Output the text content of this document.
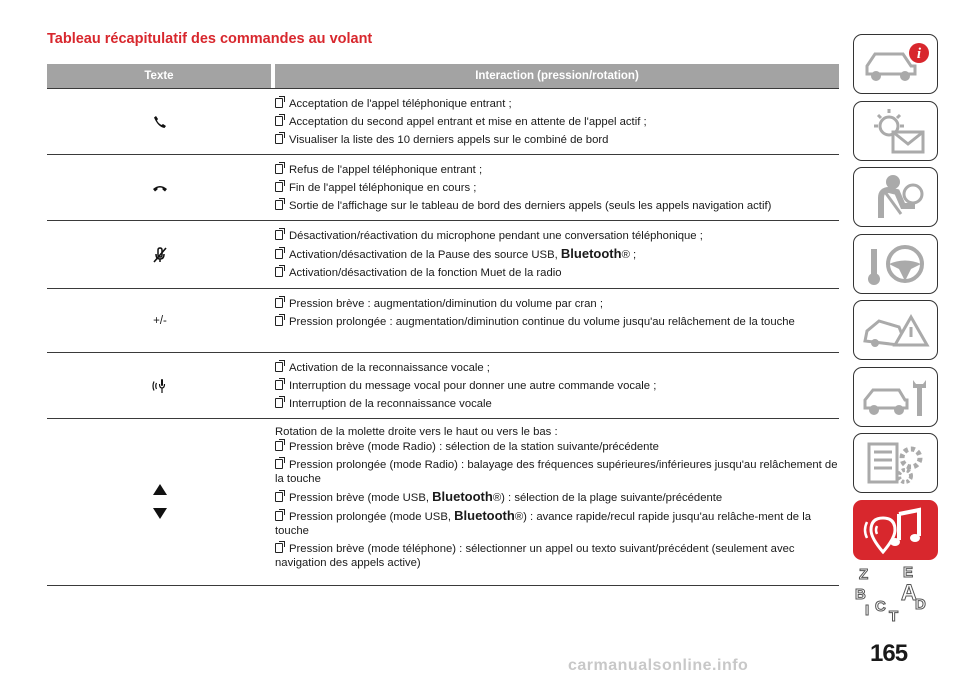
Tableau récapitulatif des commandes au volant
Texte	Interaction (pression/rotation)
Acceptation de l'appel téléphonique entrant ;
Acceptation du second appel entrant et mise en attente de l'appel actif ;
Visualiser la liste des 10 derniers appels sur le combiné de bord
Refus de l'appel téléphonique entrant ;
Fin de l'appel téléphonique en cours ;
Sortie de l'affichage sur le tableau de bord des derniers appels (seuls les appels navigation actif)
Désactivation/réactivation du microphone pendant une conversation téléphonique ;
Activation/désactivation de la Pause des source USB, Bluetooth® ;
Activation/désactivation de la fonction Muet de la radio
+/-
Pression brève : augmentation/diminution du volume par cran ;
Pression prolongée : augmentation/diminution continue du volume jusqu'au relâchement de la touche
Activation de la reconnaissance vocale ;
Interruption du message vocal pour donner une autre commande vocale ;
Interruption de la reconnaissance vocale
Rotation de la molette droite vers le haut ou vers le bas :
Pression brève (mode Radio) : sélection de la station suivante/précédente
Pression prolongée (mode Radio) : balayage des fréquences supérieures/inférieures jusqu'au relâchement de la touche
Pression brève (mode USB, Bluetooth®) : sélection de la plage suivante/précédente
Pression prolongée (mode USB, Bluetooth®) : avance rapide/recul rapide jusqu'au relâche-ment de la touche
Pression brève (mode téléphone) : sélectionner un appel ou texto suivant/précédent (seulement avec navigation des appels active)
i
Z E
B A
C D
I T
165
carmanualsonline.info
